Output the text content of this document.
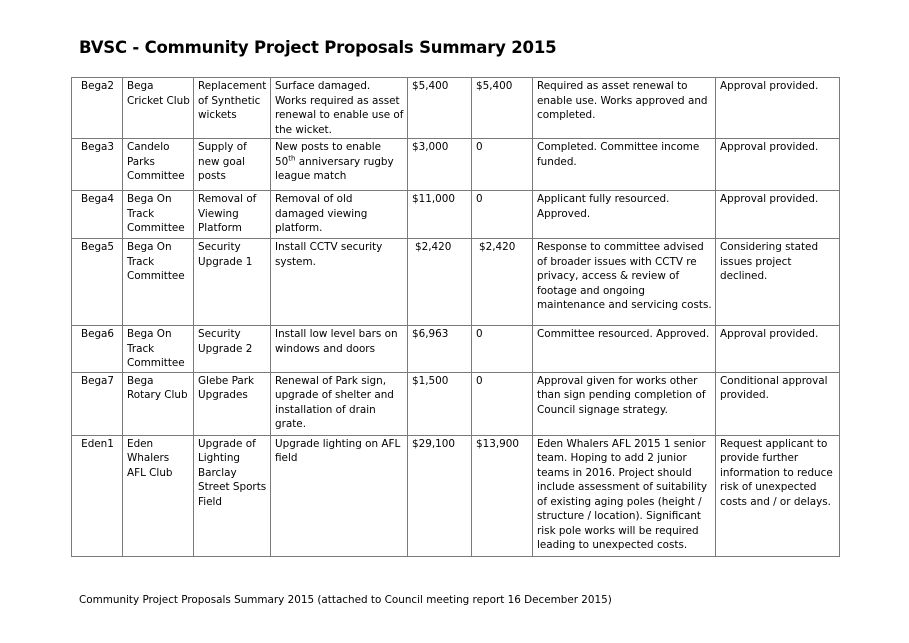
BVSC - Community Project Proposals Summary 2015
Bega2	Bega Cricket Club	Replacement of Synthetic wickets	Surface damaged. Works required as asset renewal to enable use of the wicket.	$5,400	$5,400	Required as asset renewal to enable use. Works approved and completed.	Approval provided.
Bega3	Candelo Parks Committee	Supply of new goal posts	New posts to enable 50th anniversary rugby league match	$3,000	0	Completed. Committee income funded.	Approval provided.
Bega4	Bega On Track Committee	Removal of Viewing Platform	Removal of old damaged viewing platform.	$11,000	0	Applicant fully resourced. Approved.	Approval provided.
Bega5	Bega On Track Committee	Security Upgrade 1	Install CCTV security system.	$2,420	$2,420	Response to committee advised of broader issues with CCTV re privacy, access & review of footage and ongoing maintenance and servicing costs.	Considering stated issues project declined.
Bega6	Bega On Track Committee	Security Upgrade 2	Install low level bars on windows and doors	$6,963	0	Committee resourced. Approved.	Approval provided.
Bega7	Bega Rotary Club	Glebe Park Upgrades	Renewal of Park sign, upgrade of shelter and installation of drain grate.	$1,500	0	Approval given for works other than sign pending completion of Council signage strategy.	Conditional approval provided.
Eden1	Eden Whalers AFL Club	Upgrade of Lighting Barclay Street Sports Field	Upgrade lighting on AFL field	$29,100	$13,900	Eden Whalers AFL 2015 1 senior team. Hoping to add 2 junior teams in 2016. Project should include assessment of suitability of existing aging poles (height / structure / location). Significant risk pole works will be required leading to unexpected costs.	Request applicant to provide further information to reduce risk of unexpected costs and / or delays.
Community Project Proposals Summary 2015 (attached to Council meeting report 16 December 2015)
